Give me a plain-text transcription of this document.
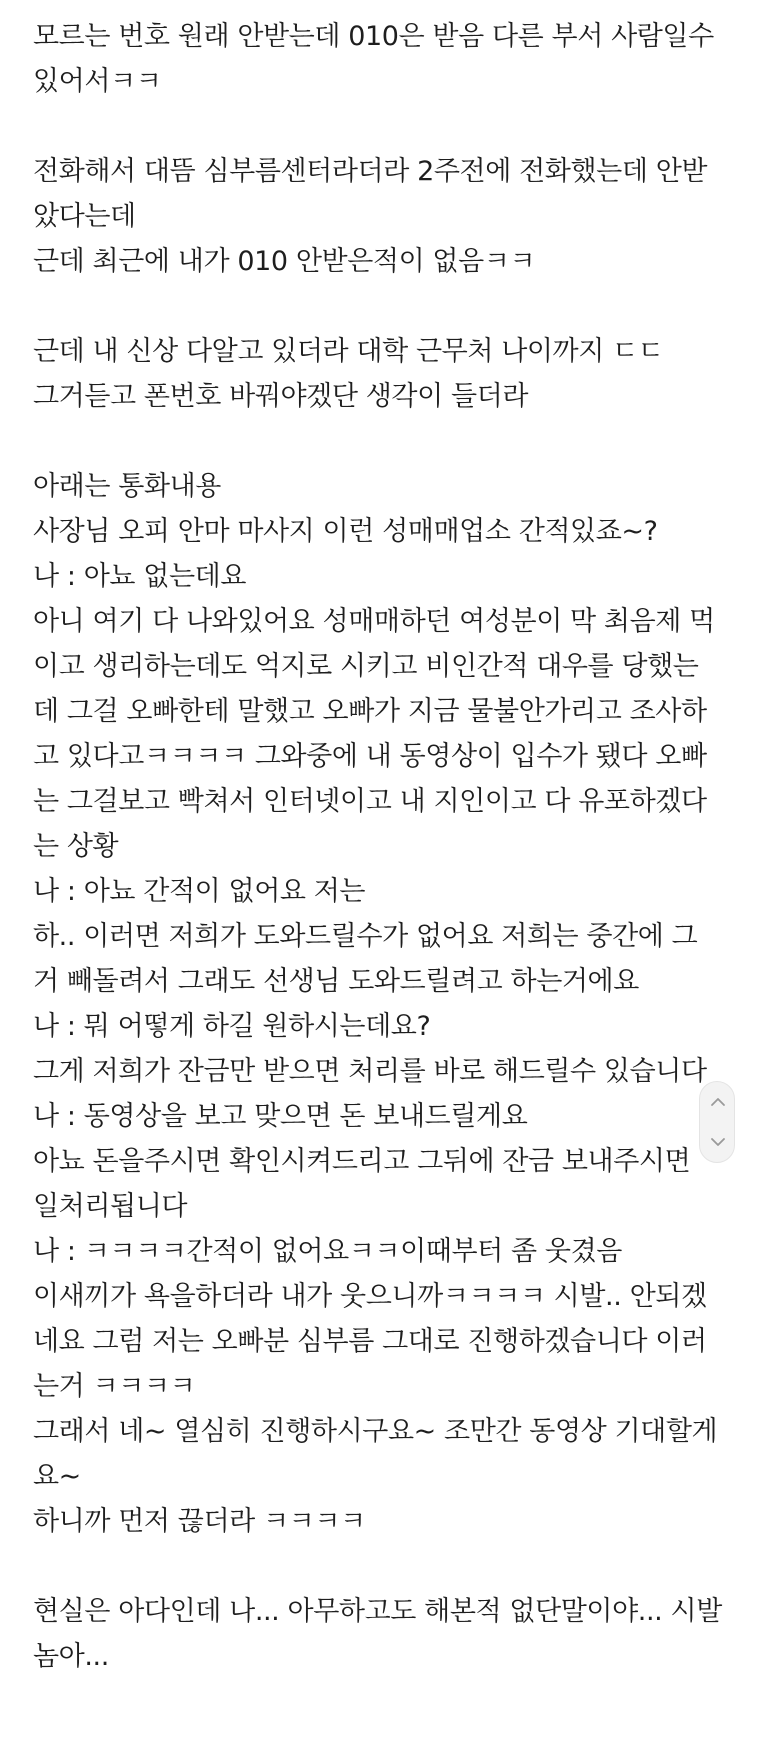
모르는 번호 원래 안받는데 010은 받음 다른 부서 사람일수
있어서ㅋㅋ
전화해서 대뜸 심부름센터라더라 2주전에 전화했는데 안받
았다는데
근데 최근에 내가 010 안받은적이 없음ㅋㅋ
근데 내 신상 다알고 있더라 대학 근무처 나이까지 ㄷㄷ
그거듣고 폰번호 바꿔야겠단 생각이 들더라
아래는 통화내용
사장님 오피 안마 마사지 이런 성매매업소 간적있죠~?
나 : 아뇨 없는데요
아니 여기 다 나와있어요 성매매하던 여성분이 막 최음제 먹
이고 생리하는데도 억지로 시키고 비인간적 대우를 당했는
데 그걸 오빠한테 말했고 오빠가 지금 물불안가리고 조사하
고 있다고ㅋㅋㅋㅋ 그와중에 내 동영상이 입수가 됐다 오빠
는 그걸보고 빡쳐서 인터넷이고 내 지인이고 다 유포하겠다
는 상황
나 : 아뇨 간적이 없어요 저는
하.. 이러면 저희가 도와드릴수가 없어요 저희는 중간에 그
거 빼돌려서 그래도 선생님 도와드릴려고 하는거에요
나 : 뭐 어떻게 하길 원하시는데요?
그게 저희가 잔금만 받으면 처리를 바로 해드릴수 있습니다
나 : 동영상을 보고 맞으면 돈 보내드릴게요
아뇨 돈을주시면 확인시켜드리고 그뒤에 잔금 보내주시면
일처리됩니다
나 : ㅋㅋㅋㅋ간적이 없어요ㅋㅋ이때부터 좀 웃겼음
이새끼가 욕을하더라 내가 웃으니까ㅋㅋㅋㅋ 시발.. 안되겠
네요 그럼 저는 오빠분 심부름 그대로 진행하겠습니다 이러
는거 ㅋㅋㅋㅋ
그래서 네~ 열심히 진행하시구요~ 조만간 동영상 기대할게
요~
하니까 먼저 끊더라 ㅋㅋㅋㅋ
현실은 아다인데 나... 아무하고도 해본적 없단말이야... 시발
놈아...
